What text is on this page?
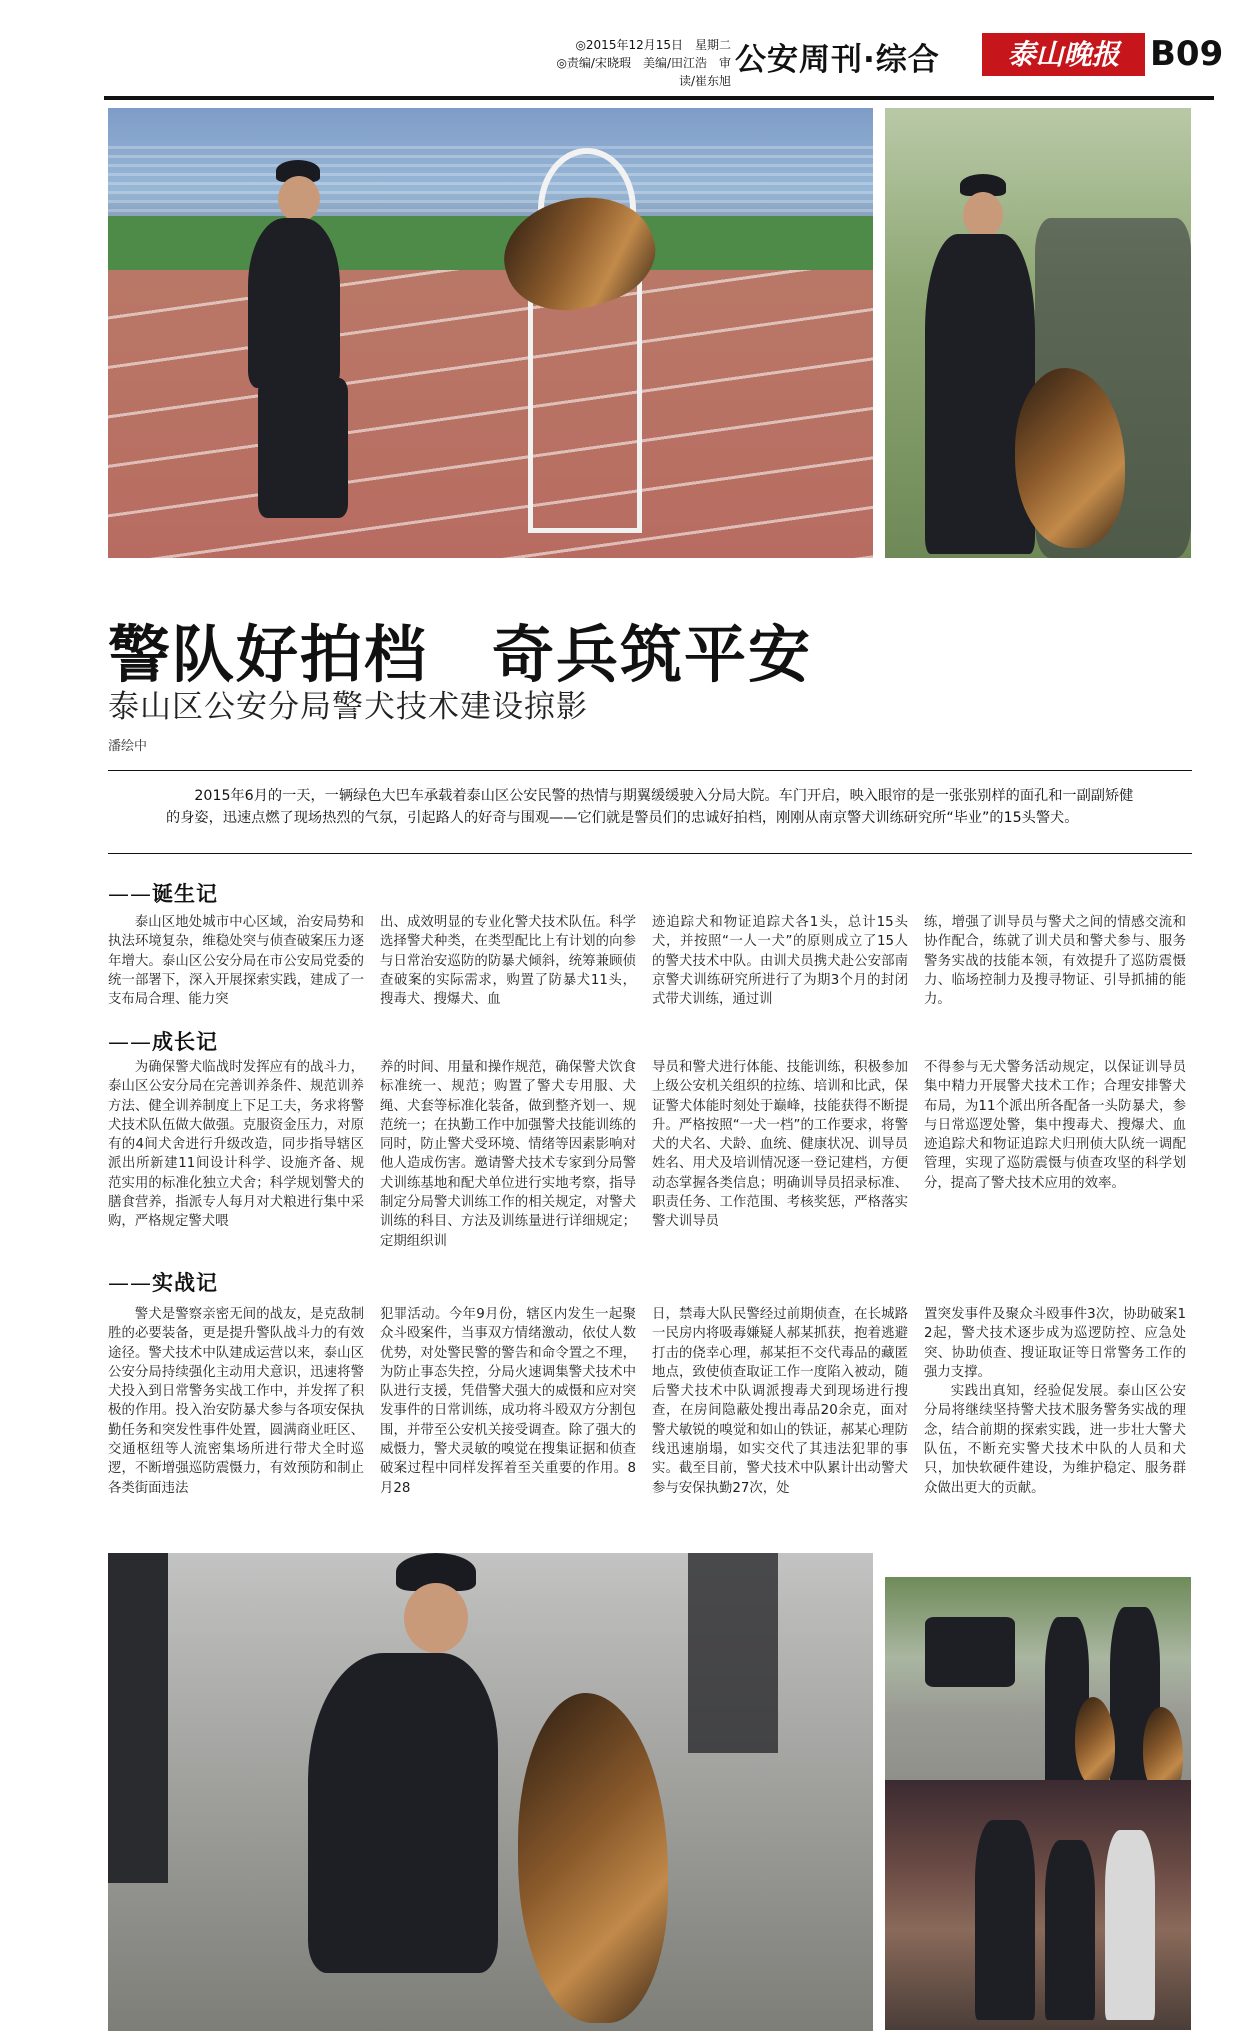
◎2015年12月15日　星期二
◎责编/宋晓瑕　美编/田江浩　审读/崔东旭
公安周刊·综合	泰山晚报 B09
警队好拍档　奇兵筑平安
泰山区公安分局警犬技术建设掠影
潘绘中
2015年6月的一天，一辆绿色大巴车承载着泰山区公安民警的热情与期翼缓缓驶入分局大院。车门开启，映入眼帘的是一张张别样的面孔和一副副矫健的身姿，迅速点燃了现场热烈的气氛，引起路人的好奇与围观——它们就是警员们的忠诚好拍档，刚刚从南京警犬训练研究所“毕业”的15头警犬。
——诞生记

泰山区地处城市中心区域，治安局势和执法环境复杂，维稳处突与侦查破案压力逐年增大。泰山区公安分局在市公安局党委的统一部署下，深入开展探索实践，建成了一支布局合理、能力突

出、成效明显的专业化警犬技术队伍。科学选择警犬种类，在类型配比上有计划的向参与日常治安巡防的防暴犬倾斜，统筹兼顾侦查破案的实际需求，购置了防暴犬11头，搜毒犬、搜爆犬、血

迹追踪犬和物证追踪犬各1头，总计15头犬，并按照“一人一犬”的原则成立了15人的警犬技术中队。由训犬员携犬赴公安部南京警犬训练研究所进行了为期3个月的封闭式带犬训练，通过训

练，增强了训导员与警犬之间的情感交流和协作配合，练就了训犬员和警犬参与、服务警务实战的技能本领，有效提升了巡防震慑力、临场控制力及搜寻物证、引导抓捕的能力。

——成长记

为确保警犬临战时发挥应有的战斗力，泰山区公安分局在完善训养条件、规范训养方法、健全训养制度上下足工夫，务求将警犬技术队伍做大做强。克服资金压力，对原有的4间犬舍进行升级改造，同步指导辖区派出所新建11间设计科学、设施齐备、规范实用的标准化独立犬舍；科学规划警犬的膳食营养，指派专人每月对犬粮进行集中采购，严格规定警犬喂

养的时间、用量和操作规范，确保警犬饮食标准统一、规范；购置了警犬专用服、犬绳、犬套等标准化装备，做到整齐划一、规范统一；在执勤工作中加强警犬技能训练的同时，防止警犬受环境、情绪等因素影响对他人造成伤害。邀请警犬技术专家到分局警犬训练基地和配犬单位进行实地考察，指导制定分局警犬训练工作的相关规定，对警犬训练的科目、方法及训练量进行详细规定；定期组织训

导员和警犬进行体能、技能训练，积极参加上级公安机关组织的拉练、培训和比武，保证警犬体能时刻处于巅峰，技能获得不断提升。严格按照“一犬一档”的工作要求，将警犬的犬名、犬龄、血统、健康状况、训导员姓名、用犬及培训情况逐一登记建档，方便动态掌握各类信息；明确训导员招录标准、职责任务、工作范围、考核奖惩，严格落实警犬训导员

不得参与无犬警务活动规定，以保证训导员集中精力开展警犬技术工作；合理安排警犬布局，为11个派出所各配备一头防暴犬，参与日常巡逻处警，集中搜毒犬、搜爆犬、血迹追踪犬和物证追踪犬归刑侦大队统一调配管理，实现了巡防震慑与侦查攻坚的科学划分，提高了警犬技术应用的效率。

——实战记

警犬是警察亲密无间的战友，是克敌制胜的必要装备，更是提升警队战斗力的有效途径。警犬技术中队建成运营以来，泰山区公安分局持续强化主动用犬意识，迅速将警犬投入到日常警务实战工作中，并发挥了积极的作用。投入治安防暴犬参与各项安保执勤任务和突发性事件处置，圆满商业旺区、交通枢纽等人流密集场所进行带犬全时巡逻，不断增强巡防震慑力，有效预防和制止各类街面违法

犯罪活动。今年9月份，辖区内发生一起聚众斗殴案件，当事双方情绪激动，依仗人数优势，对处警民警的警告和命令置之不理，为防止事态失控，分局火速调集警犬技术中队进行支援，凭借警犬强大的威慑和应对突发事件的日常训练，成功将斗殴双方分割包围，并带至公安机关接受调查。除了强大的威慑力，警犬灵敏的嗅觉在搜集证据和侦查破案过程中同样发挥着至关重要的作用。8月28

日，禁毒大队民警经过前期侦查，在长城路一民房内将吸毒嫌疑人郝某抓获，抱着逃避打击的侥幸心理，郝某拒不交代毒品的藏匿地点，致使侦查取证工作一度陷入被动，随后警犬技术中队调派搜毒犬到现场进行搜查，在房间隐蔽处搜出毒品20余克，面对警犬敏锐的嗅觉和如山的铁证，郝某心理防线迅速崩塌，如实交代了其违法犯罪的事实。截至目前，警犬技术中队累计出动警犬参与安保执勤27次，处

置突发事件及聚众斗殴事件3次，协助破案12起，警犬技术逐步成为巡逻防控、应急处突、协助侦查、搜证取证等日常警务工作的强力支撑。

实践出真知，经验促发展。泰山区公安分局将继续坚持警犬技术服务警务实战的理念，结合前期的探索实践，进一步壮大警犬队伍，不断充实警犬技术中队的人员和犬只，加快软硬件建设，为维护稳定、服务群众做出更大的贡献。
